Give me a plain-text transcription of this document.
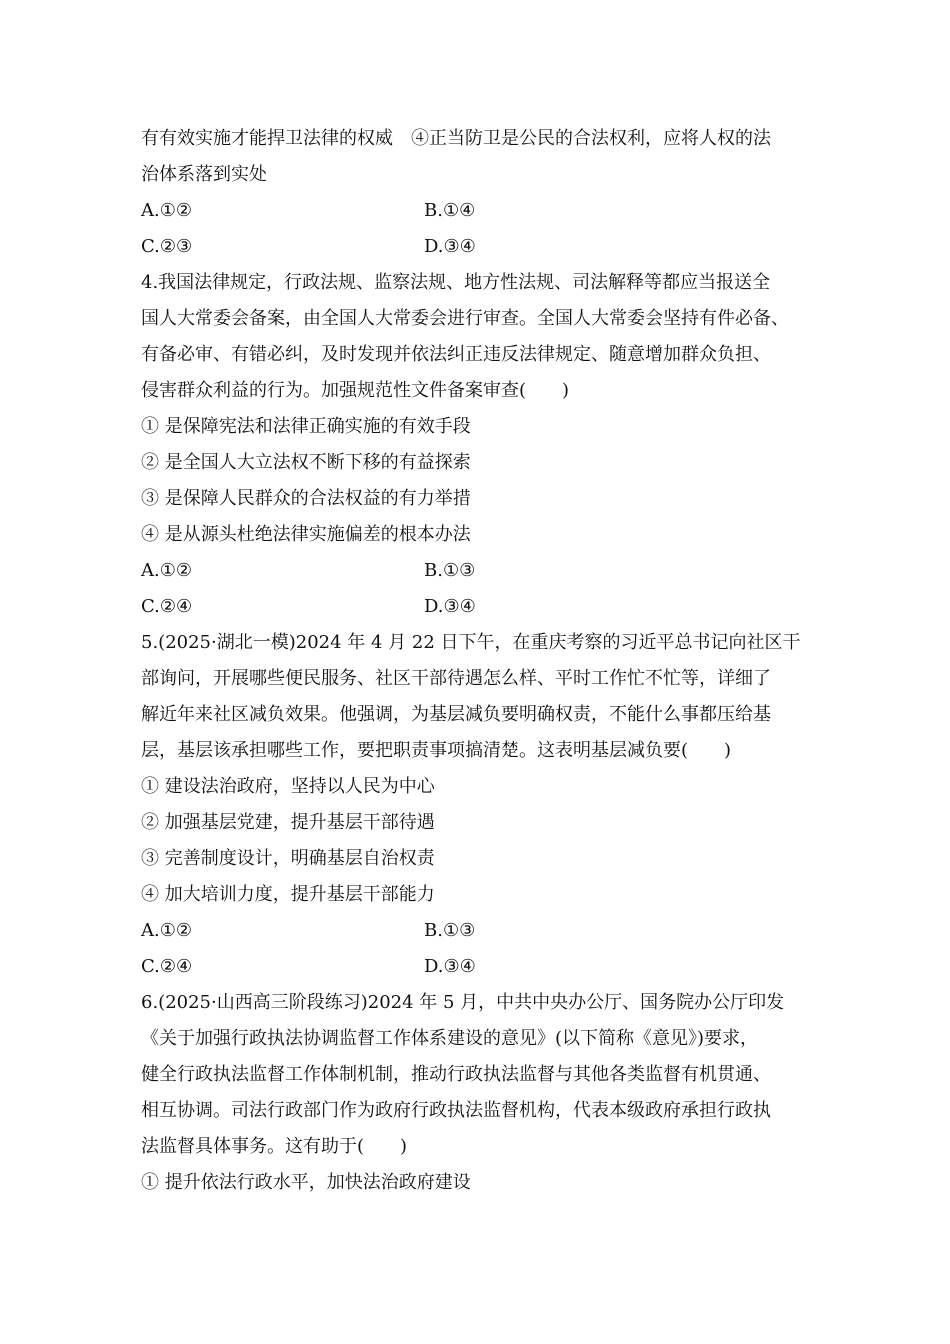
有有效实施才能捍卫法律的权威　④正当防卫是公民的合法权利，应将人权的法
治体系落到实处
A.①②	B.①④
C.②③	D.③④
4.我国法律规定，行政法规、监察法规、地方性法规、司法解释等都应当报送全
国人大常委会备案，由全国人大常委会进行审查。全国人大常委会坚持有件必备、
有备必审、有错必纠，及时发现并依法纠正违反法律规定、随意增加群众负担、
侵害群众利益的行为。加强规范性文件备案审查(　　)
① 是保障宪法和法律正确实施的有效手段
② 是全国人大立法权不断下移的有益探索
③ 是保障人民群众的合法权益的有力举措
④ 是从源头杜绝法律实施偏差的根本办法
A.①②	B.①③
C.②④	D.③④
5.(2025·湖北一模)2024 年 4 月 22 日下午，在重庆考察的习近平总书记向社区干
部询问，开展哪些便民服务、社区干部待遇怎么样、平时工作忙不忙等，详细了
解近年来社区减负效果。他强调，为基层减负要明确权责，不能什么事都压给基
层，基层该承担哪些工作，要把职责事项搞清楚。这表明基层减负要(　　)
① 建设法治政府，坚持以人民为中心
② 加强基层党建，提升基层干部待遇
③ 完善制度设计，明确基层自治权责
④ 加大培训力度，提升基层干部能力
A.①②	B.①③
C.②④	D.③④
6.(2025·山西高三阶段练习)2024 年 5 月，中共中央办公厅、国务院办公厅印发
《关于加强行政执法协调监督工作体系建设的意见》(以下简称《意见》)要求，
健全行政执法监督工作体制机制，推动行政执法监督与其他各类监督有机贯通、
相互协调。司法行政部门作为政府行政执法监督机构，代表本级政府承担行政执
法监督具体事务。这有助于(　　)
① 提升依法行政水平，加快法治政府建设
